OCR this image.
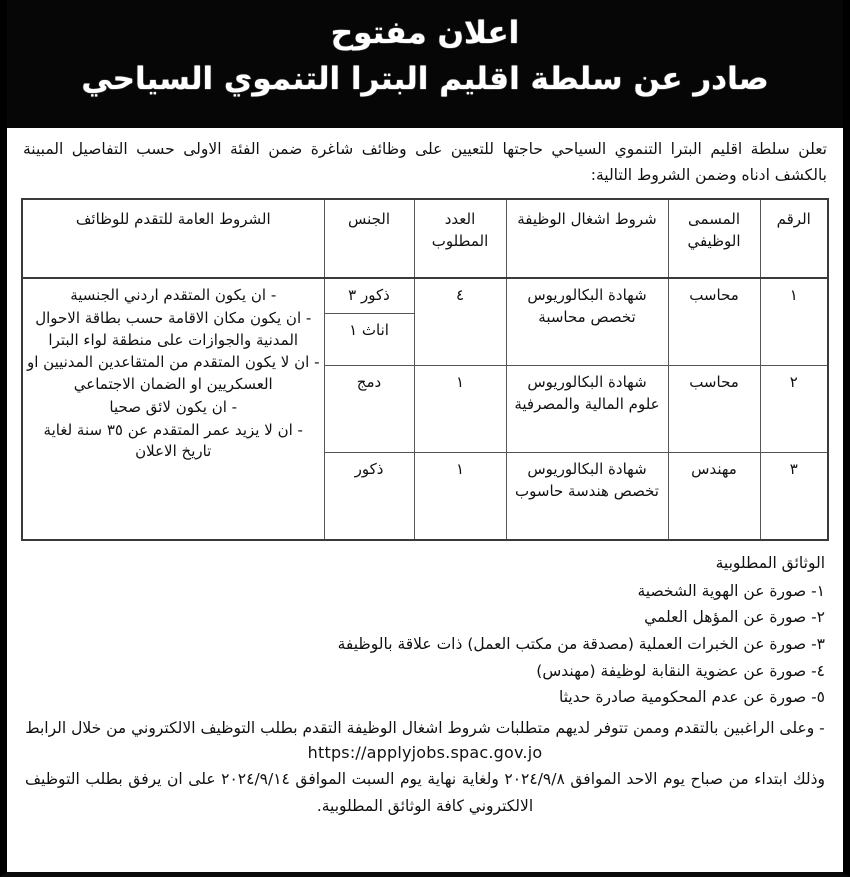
اعلان مفتوح
صادر عن سلطة اقليم البترا التنموي السياحي
تعلن سلطة اقليم البترا التنموي السياحي حاجتها للتعيين على وظائف شاغرة ضمن الفئة الاولى حسب التفاصيل المبينة بالكشف ادناه وضمن الشروط التالية:
الرقم	المسمى الوظيفي	شروط اشغال الوظيفة	العدد المطلوب	الجنس	الشروط العامة للتقدم للوظائف
١	محاسب	شهادة البكالوريوس تخصص محاسبة	٤	
ذكور ٣
اناث ١

- ان يكون المتقدم اردني الجنسية
- ان يكون مكان الاقامة حسب بطاقة الاحوال المدنية والجوازات على منطقة لواء البترا
- ان لا يكون المتقدم من المتقاعدين المدنيين او العسكريين او الضمان الاجتماعي
- ان يكون لائق صحيا
- ان لا يزيد عمر المتقدم عن ٣٥ سنة لغاية تاريخ الاعلان

٢	محاسب	شهادة البكالوريوس علوم المالية والمصرفية	١	دمج	
٣	مهندس	شهادة البكالوريوس تخصص هندسة حاسوب	١	ذكور	
الوثائق المطلوبية
١- صورة عن الهوية الشخصية
٢- صورة عن المؤهل العلمي
٣- صورة عن الخبرات العملية (مصدقة من مكتب العمل) ذات علاقة بالوظيفة
٤- صورة عن عضوية النقابة لوظيفة (مهندس)
٥- صورة عن عدم المحكومية صادرة حديثا
- وعلى الراغبين بالتقدم وممن تتوفر لديهم متطلبات شروط اشغال الوظيفة التقدم بطلب التوظيف الالكتروني من خلال الرابط
https://applyjobs.spac.gov.jo
وذلك ابتداء من صباح يوم الاحد الموافق ٢٠٢٤/٩/٨ ولغاية نهاية يوم السبت الموافق ٢٠٢٤/٩/١٤ على ان يرفق بطلب التوظيف الالكتروني كافة الوثائق المطلوبية.
